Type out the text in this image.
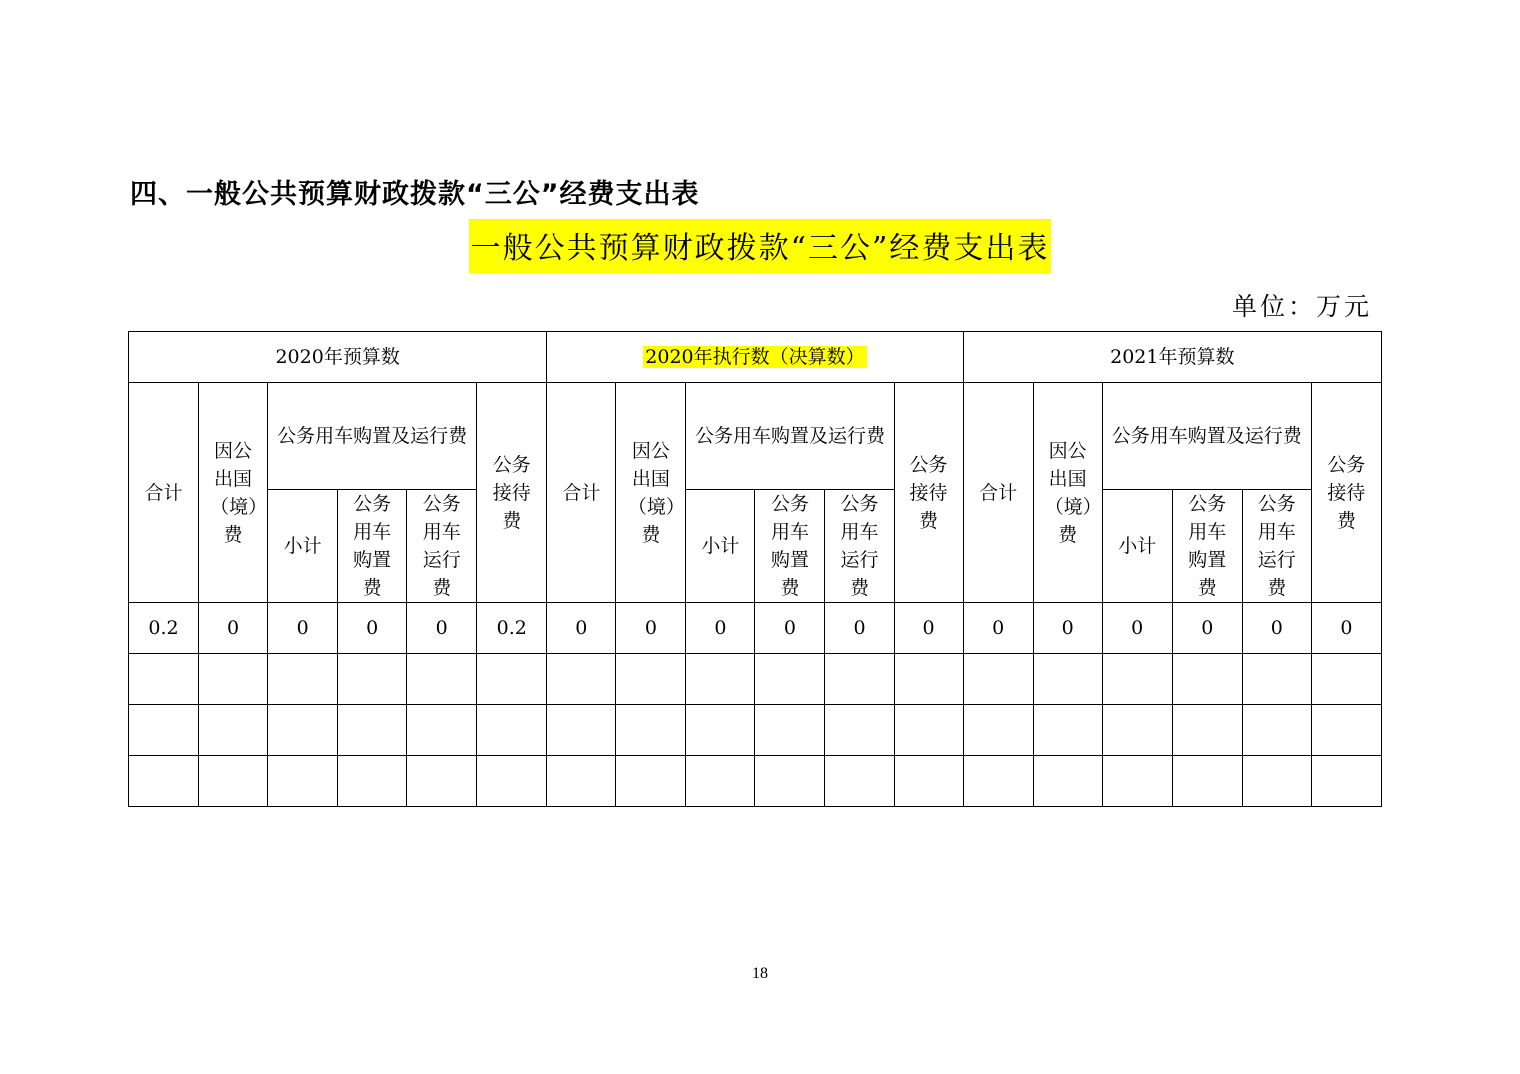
四、一般公共预算财政拨款“三公”经费支出表
一般公共预算财政拨款“三公”经费支出表
单位：万元
2020年预算数						2020年执行数（决算数）						2021年预算数					
合计	因公出国（境）费	公务用车购置及运行费			公务接待费	合计	因公出国（境）费	公务用车购置及运行费			公务接待费	合计	因公出国（境）费	公务用车购置及运行费			公务接待费
		小计	公务用车购置费	公务用车运行费				小计	公务用车购置费	公务用车运行费				小计	公务用车购置费	公务用车运行费	
0.2	0	0	0	0	0.2	0	0	0	0	0	0	0	0	0	0	0	0

18
